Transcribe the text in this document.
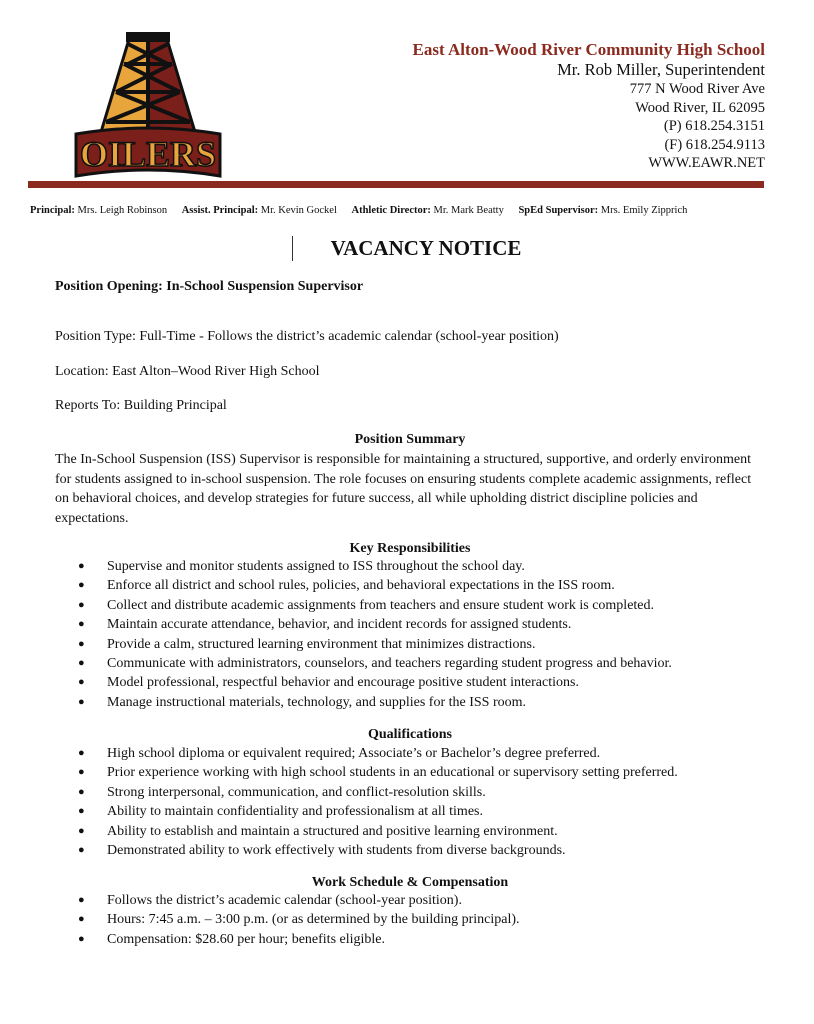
OILERS
East Alton-Wood River Community High School
Mr. Rob Miller, Superintendent
777 N Wood River Ave
Wood River, IL 62095
(P) 618.254.3151
(F) 618.254.9113
WWW.EAWR.NET
Principal: Mrs. Leigh Robinson Assist. Principal: Mr. Kevin Gockel Athletic Director: Mr. Mark Beatty SpEd Supervisor: Mrs. Emily Zipprich
VACANCY NOTICE
Position Opening: In-School Suspension Supervisor
Position Type: Full-Time - Follows the district’s academic calendar (school-year position)
Location: East Alton–Wood River High School
Reports To: Building Principal
Position Summary
The In-School Suspension (ISS) Supervisor is responsible for maintaining a structured, supportive, and orderly environment for students assigned to in-school suspension. The role focuses on ensuring students complete academic assignments, reflect on behavioral choices, and develop strategies for future success, all while upholding district discipline policies and expectations.
Key Responsibilities
● Supervise and monitor students assigned to ISS throughout the school day.
● Enforce all district and school rules, policies, and behavioral expectations in the ISS room.
● Collect and distribute academic assignments from teachers and ensure student work is completed.
● Maintain accurate attendance, behavior, and incident records for assigned students.
● Provide a calm, structured learning environment that minimizes distractions.
● Communicate with administrators, counselors, and teachers regarding student progress and behavior.
● Model professional, respectful behavior and encourage positive student interactions.
● Manage instructional materials, technology, and supplies for the ISS room.
Qualifications
● High school diploma or equivalent required; Associate’s or Bachelor’s degree preferred.
● Prior experience working with high school students in an educational or supervisory setting preferred.
● Strong interpersonal, communication, and conflict-resolution skills.
● Ability to maintain confidentiality and professionalism at all times.
● Ability to establish and maintain a structured and positive learning environment.
● Demonstrated ability to work effectively with students from diverse backgrounds.
Work Schedule & Compensation
● Follows the district’s academic calendar (school-year position).
● Hours: 7:45 a.m. – 3:00 p.m. (or as determined by the building principal).
● Compensation: $28.60 per hour; benefits eligible.
